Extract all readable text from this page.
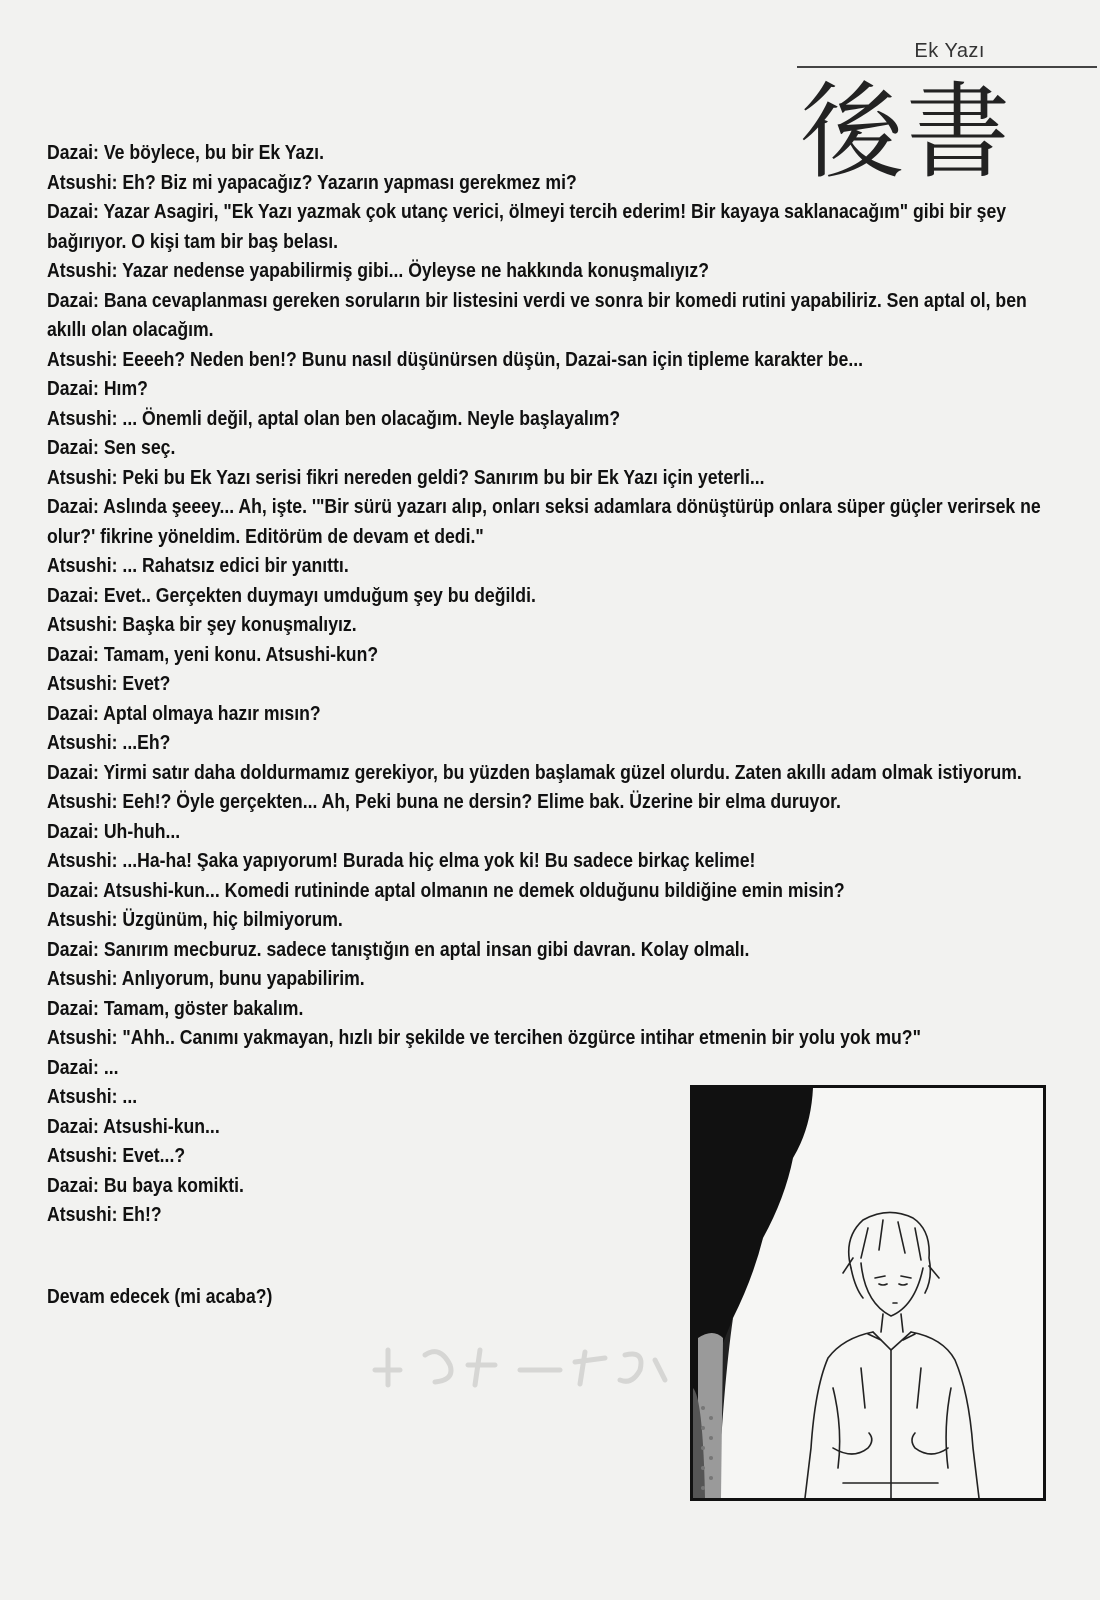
Ek Yazı
後書
Dazai: Ve böylece, bu bir Ek Yazı.
Atsushi: Eh? Biz mi yapacağız? Yazarın yapması gerekmez mi?
Dazai: Yazar Asagiri, "Ek Yazı yazmak çok utanç verici, ölmeyi tercih ederim! Bir kayaya saklanacağım" gibi bir şey bağırıyor. O kişi tam bir baş belası.
Atsushi: Yazar nedense yapabilirmiş gibi... Öyleyse ne hakkında konuşmalıyız?
Dazai: Bana cevaplanması gereken soruların bir listesini verdi ve sonra bir komedi rutini yapabiliriz. Sen aptal ol, ben akıllı olan olacağım.
Atsushi: Eeeeh? Neden ben!? Bunu nasıl düşünürsen düşün, Dazai-san için tipleme karakter be...
Dazai: Hım?
Atsushi: ... Önemli değil, aptal olan ben olacağım. Neyle başlayalım?
Dazai: Sen seç.
Atsushi: Peki bu Ek Yazı serisi fikri nereden geldi? Sanırım bu bir Ek Yazı için yeterli...
Dazai: Aslında şeeey... Ah, işte. '"Bir sürü yazarı alıp, onları seksi adamlara dönüştürüp onlara süper güçler verirsek ne olur?' fikrine yöneldim. Editörüm de devam et dedi."
Atsushi: ... Rahatsız edici bir yanıttı.
Dazai: Evet.. Gerçekten duymayı umduğum şey bu değildi.
Atsushi: Başka bir şey konuşmalıyız.
Dazai: Tamam, yeni konu. Atsushi-kun?
Atsushi: Evet?
Dazai: Aptal olmaya hazır mısın?
Atsushi: ...Eh?
Dazai: Yirmi satır daha doldurmamız gerekiyor, bu yüzden başlamak güzel olurdu. Zaten akıllı adam olmak istiyorum.
Atsushi: Eeh!? Öyle gerçekten... Ah, Peki buna ne dersin? Elime bak. Üzerine bir elma duruyor.
Dazai: Uh-huh...
Atsushi: ...Ha-ha! Şaka yapıyorum! Burada hiç elma yok ki! Bu sadece birkaç kelime!
Dazai: Atsushi-kun... Komedi rutininde aptal olmanın ne demek olduğunu bildiğine emin misin?
Atsushi: Üzgünüm, hiç bilmiyorum.
Dazai: Sanırım mecburuz. sadece tanıştığın en aptal insan gibi davran. Kolay olmalı.
Atsushi: Anlıyorum, bunu yapabilirim.
Dazai: Tamam, göster bakalım.
Atsushi: "Ahh.. Canımı yakmayan, hızlı bir şekilde ve tercihen özgürce intihar etmenin bir yolu yok mu?"
Dazai: ...
Atsushi: ...
Dazai: Atsushi-kun...
Atsushi: Evet...?
Dazai: Bu baya komikti.
Atsushi: Eh!?
Devam edecek (mi acaba?)
